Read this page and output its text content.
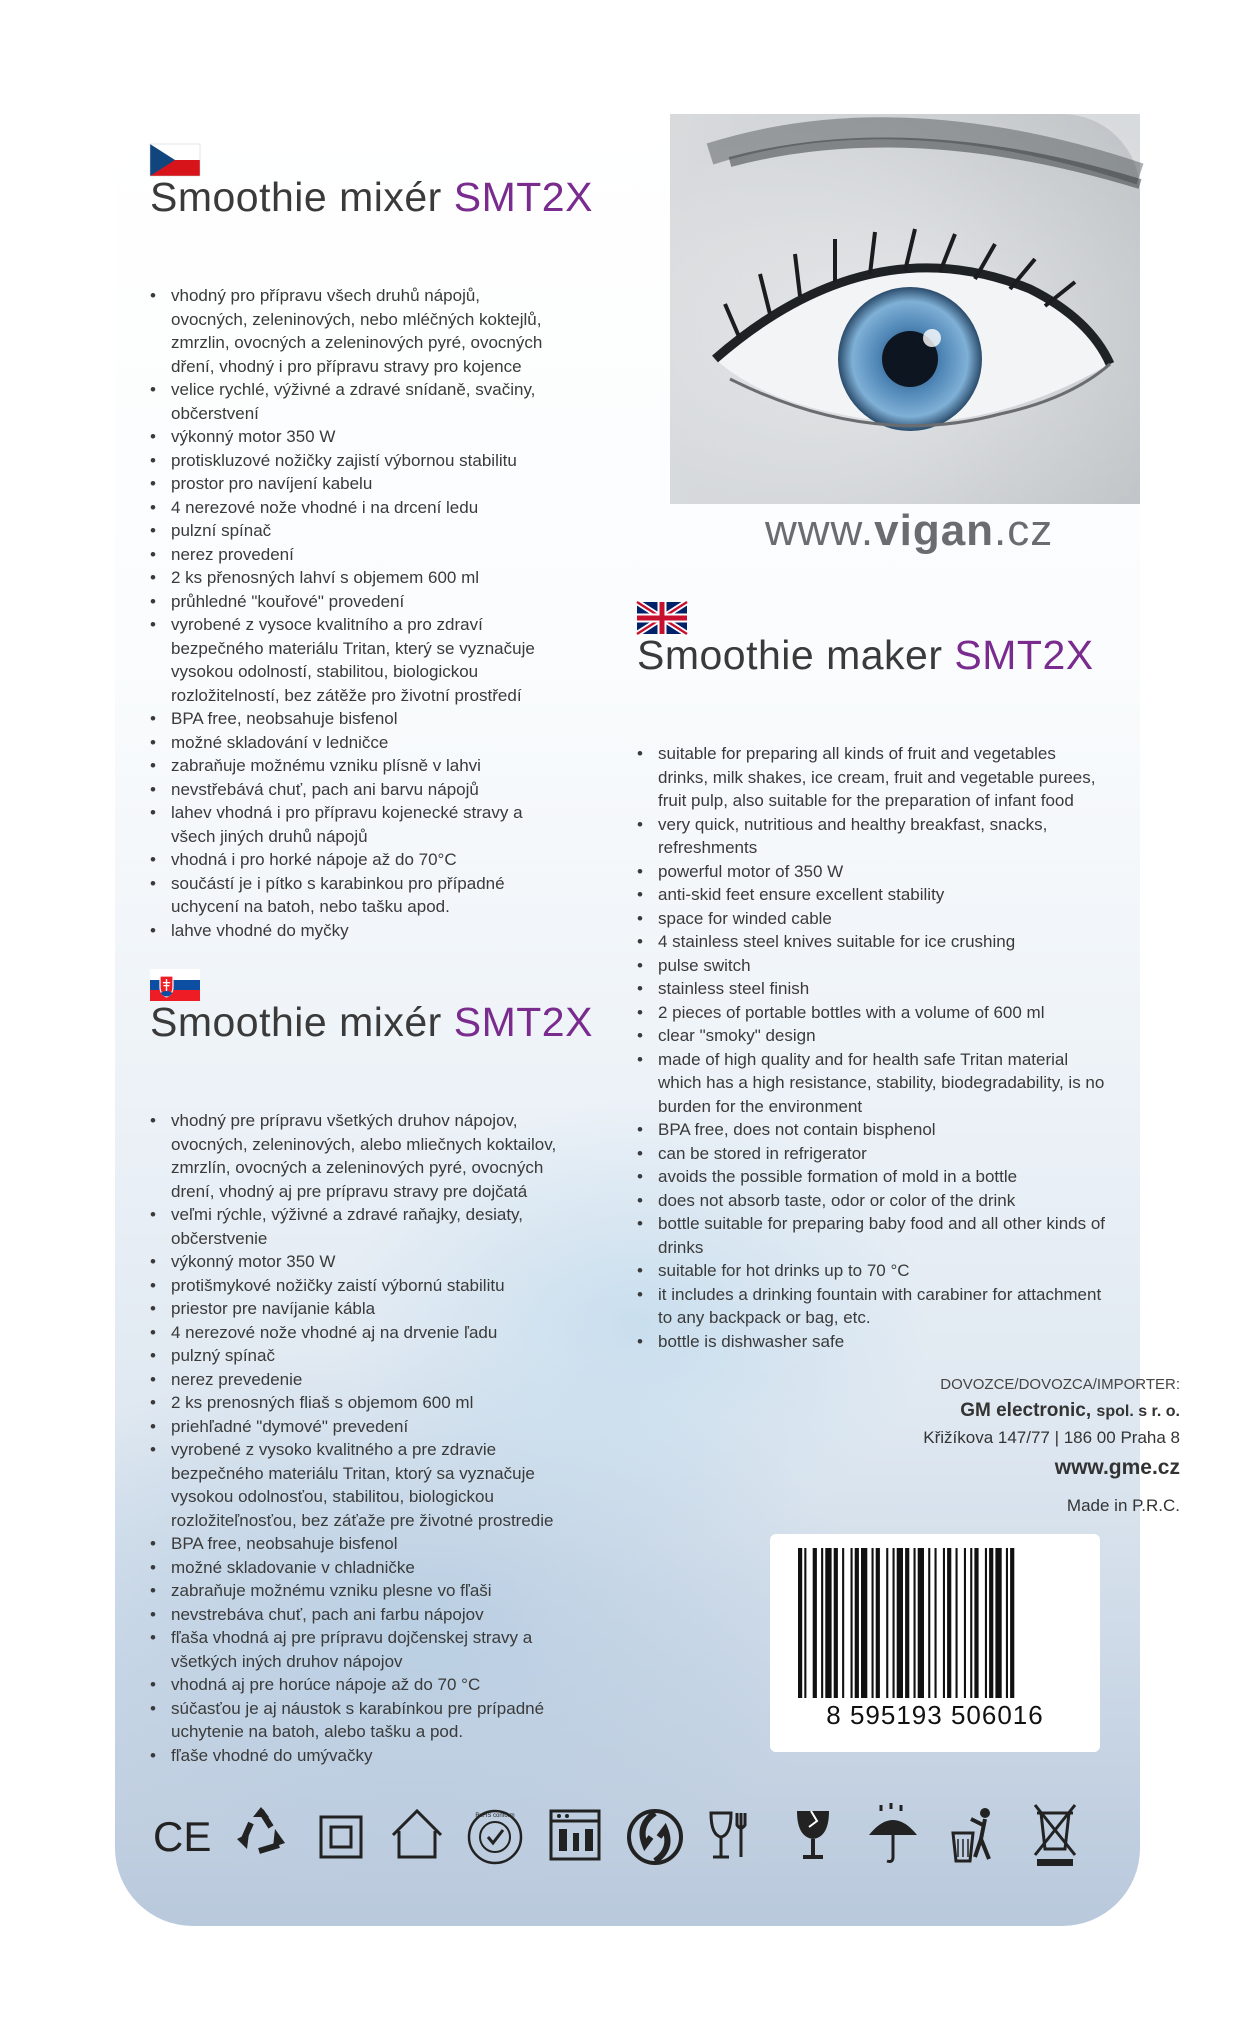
www.vigan.cz
Smoothie mixér SMT2X
• vhodný pro přípravu všech druhů nápojů, ovocných, zeleninových, nebo mléčných koktejlů, zmrzlin, ovocných a zeleninových pyré, ovocných dření, vhodný i pro přípravu stravy pro kojence
• velice rychlé, výživné a zdravé snídaně, svačiny, občerstvení
• výkonný motor 350 W
• protiskluzové nožičky zajistí výbornou stabilitu
• prostor pro navíjení kabelu
• 4 nerezové nože vhodné i na drcení ledu
• pulzní spínač
• nerez provedení
• 2 ks přenosných lahví s objemem 600 ml
• průhledné "kouřové" provedení
• vyrobené z vysoce kvalitního a pro zdraví bezpečného materiálu Tritan, který se vyznačuje vysokou odolností, stabilitou, biologickou rozložitelností, bez zátěže pro životní prostředí
• BPA free, neobsahuje bisfenol
• možné skladování v ledničce
• zabraňuje možnému vzniku plísně v lahvi
• nevstřebává chuť, pach ani barvu nápojů
• lahev vhodná i pro přípravu kojenecké stravy a všech jiných druhů nápojů
• vhodná i pro horké nápoje až do 70°C
• součástí je i pítko s karabinkou pro případné uchycení na batoh, nebo tašku apod.
• lahve vhodné do myčky
Smoothie mixér SMT2X
• vhodný pre prípravu všetkých druhov nápojov, ovocných, zeleninových, alebo mliečnych koktailov, zmrzlín, ovocných a zeleninových pyré, ovocných drení, vhodný aj pre prípravu stravy pre dojčatá
• veľmi rýchle, výživné a zdravé raňajky, desiaty, občerstvenie
• výkonný motor 350 W
• protišmykové nožičky zaistí výbornú stabilitu
• priestor pre navíjanie kábla
• 4 nerezové nože vhodné aj na drvenie ľadu
• pulzný spínač
• nerez prevedenie
• 2 ks prenosných fliaš s objemom 600 ml
• priehľadné "dymové" prevedení
• vyrobené z vysoko kvalitného a pre zdravie bezpečného materiálu Tritan, ktorý sa vyznačuje vysokou odolnosťou, stabilitou, biologickou rozložiteľnosťou, bez záťaže pre životné prostredie
• BPA free, neobsahuje bisfenol
• možné skladovanie v chladničke
• zabraňuje možnému vzniku plesne vo fľaši
• nevstrebáva chuť, pach ani farbu nápojov
• fľaša vhodná aj pre prípravu dojčenskej stravy a všetkých iných druhov nápojov
• vhodná aj pre horúce nápoje až do 70 °C
• súčasťou je aj náustok s karabínkou pre prípadné uchytenie na batoh, alebo tašku a pod.
• fľaše vhodné do umývačky
Smoothie maker SMT2X
• suitable for preparing all kinds of fruit and vegetables drinks, milk shakes, ice cream, fruit and vegetable purees, fruit pulp, also suitable for the preparation of infant food
• very quick, nutritious and healthy breakfast, snacks, refreshments
• powerful motor of 350 W
• anti-skid feet ensure excellent stability
• space for winded cable
• 4 stainless steel knives suitable for ice crushing
• pulse switch
• stainless steel finish
• 2 pieces of portable bottles with a volume of 600 ml
• clear "smoky" design
• made of high quality and for health safe Tritan material which has a high resistance, stability, biodegradability, is no burden for the environment
• BPA free, does not contain bisphenol
• can be stored in refrigerator
• avoids the possible formation of mold in a bottle
• does not absorb taste, odor or color of the drink
• bottle suitable for preparing baby food and all other kinds of drinks
• suitable for hot drinks up to 70 °C
• it includes a drinking fountain with carabiner for attachment to any backpack or bag, etc.
• bottle is dishwasher safe
DOVOZCE/DOVOZCA/IMPORTER:
GM electronic, spol. s r. o.
Křižíkova 147/77 | 186 00 Praha 8
www.gme.cz
Made in P.R.C.
8 595193 506016
CE	RoHS conform
